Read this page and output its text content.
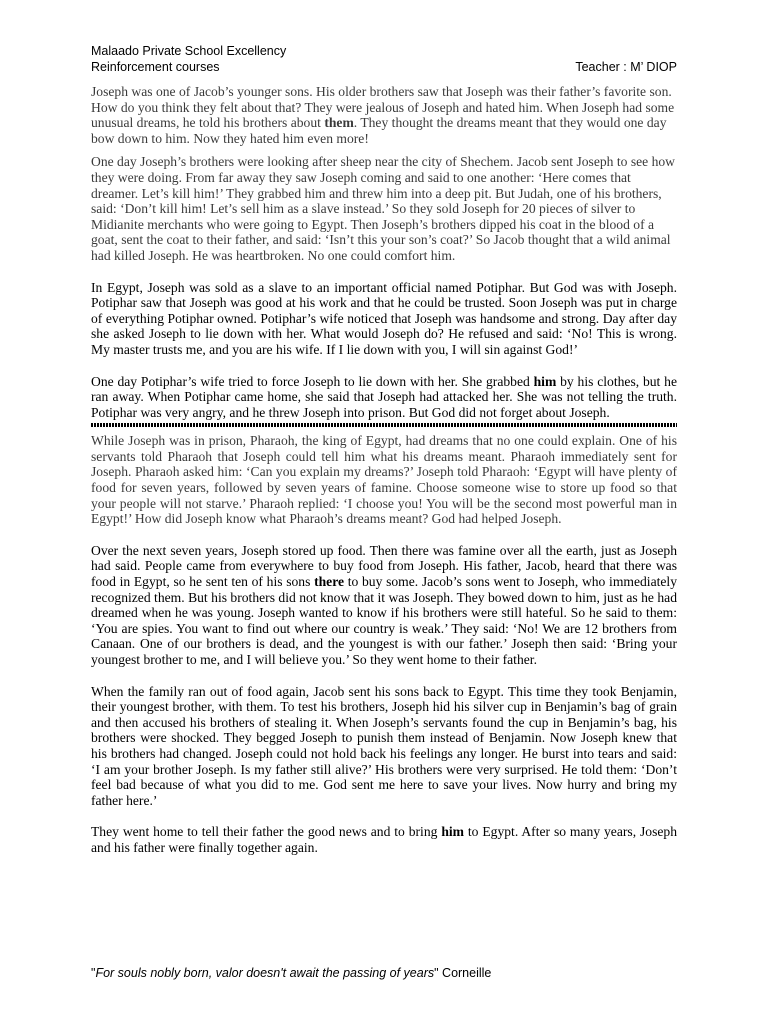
Malaado Private School Excellency
Reinforcement courses	Teacher : M’ DIOP

Joseph was one of Jacob’s younger sons. His older brothers saw that Joseph was their father’s favorite son. How do you think they felt about that? They were jealous of Joseph and hated him. When Joseph had some unusual dreams, he told his brothers about them. They thought the dreams meant that they would one day bow down to him. Now they hated him even more!

One day Joseph’s brothers were looking after sheep near the city of Shechem. Jacob sent Joseph to see how they were doing. From far away they saw Joseph coming and said to one another: ‘Here comes that dreamer. Let’s kill him!’ They grabbed him and threw him into a deep pit. But Judah, one of his brothers, said: ‘Don’t kill him! Let’s sell him as a slave instead.’ So they sold Joseph for 20 pieces of silver to Midianite merchants who were going to Egypt. Then Joseph’s brothers dipped his coat in the blood of a goat, sent the coat to their father, and said: ‘Isn’t this your son’s coat?’ So Jacob thought that a wild animal had killed Joseph. He was heartbroken. No one could comfort him.

In Egypt, Joseph was sold as a slave to an important official named Potiphar. But God was with Joseph. Potiphar saw that Joseph was good at his work and that he could be trusted. Soon Joseph was put in charge of everything Potiphar owned. Potiphar’s wife noticed that Joseph was handsome and strong. Day after day she asked Joseph to lie down with her. What would Joseph do? He refused and said: ‘No! This is wrong. My master trusts me, and you are his wife. If I lie down with you, I will sin against God!’

One day Potiphar’s wife tried to force Joseph to lie down with her. She grabbed him by his clothes, but he ran away. When Potiphar came home, she said that Joseph had attacked her. She was not telling the truth. Potiphar was very angry, and he threw Joseph into prison. But God did not forget about Joseph.

While Joseph was in prison, Pharaoh, the king of Egypt, had dreams that no one could explain. One of his servants told Pharaoh that Joseph could tell him what his dreams meant. Pharaoh immediately sent for Joseph. Pharaoh asked him: ‘Can you explain my dreams?’ Joseph told Pharaoh: ‘Egypt will have plenty of food for seven years, followed by seven years of famine. Choose someone wise to store up food so that your people will not starve.’ Pharaoh replied: ‘I choose you! You will be the second most powerful man in Egypt!’ How did Joseph know what Pharaoh’s dreams meant? God had helped Joseph.

Over the next seven years, Joseph stored up food. Then there was famine over all the earth, just as Joseph had said. People came from everywhere to buy food from Joseph. His father, Jacob, heard that there was food in Egypt, so he sent ten of his sons there to buy some. Jacob’s sons went to Joseph, who immediately recognized them. But his brothers did not know that it was Joseph. They bowed down to him, just as he had dreamed when he was young. Joseph wanted to know if his brothers were still hateful. So he said to them: ‘You are spies. You want to find out where our country is weak.’ They said: ‘No! We are 12 brothers from Canaan. One of our brothers is dead, and the youngest is with our father.’ Joseph then said: ‘Bring your youngest brother to me, and I will believe you.’ So they went home to their father.

When the family ran out of food again, Jacob sent his sons back to Egypt. This time they took Benjamin, their youngest brother, with them. To test his brothers, Joseph hid his silver cup in Benjamin’s bag of grain and then accused his brothers of stealing it. When Joseph’s servants found the cup in Benjamin’s bag, his brothers were shocked. They begged Joseph to punish them instead of Benjamin. Now Joseph knew that his brothers had changed. Joseph could not hold back his feelings any longer. He burst into tears and said: ‘I am your brother Joseph. Is my father still alive?’ His brothers were very surprised. He told them: ‘Don’t feel bad because of what you did to me. God sent me here to save your lives. Now hurry and bring my father here.’

They went home to tell their father the good news and to bring him to Egypt. After so many years, Joseph and his father were finally together again.

"For souls nobly born, valor doesn't await the passing of years" Corneille
